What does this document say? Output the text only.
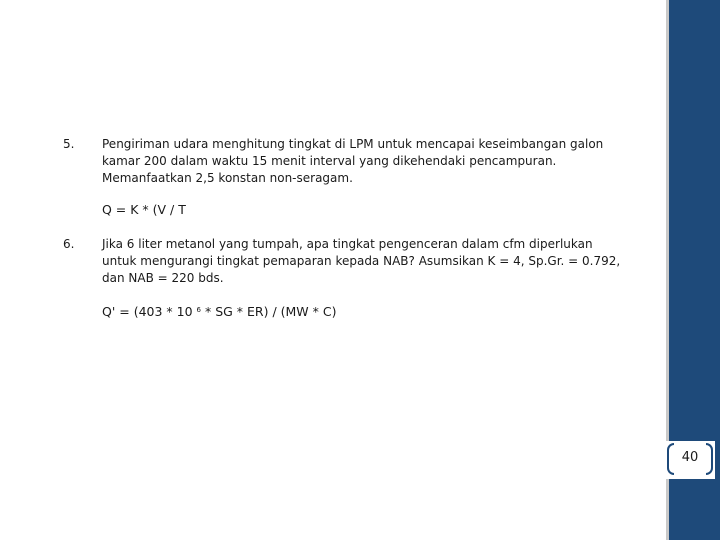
5. Pengiriman udara menghitung tingkat di LPM untuk mencapai keseimbangan galon kamar 200 dalam waktu 15 menit interval yang dikehendaki pencampuran. Memanfaatkan 2,5 konstan non-seragam.
Q = K * (V / T
6. Jika 6 liter metanol yang tumpah, apa tingkat pengenceran dalam cfm diperlukan untuk mengurangi tingkat pemaparan kepada NAB? Asumsikan K = 4, Sp.Gr. = 0.792, dan NAB = 220 bds.
Q' = (403 * 10 $^6$ * SG * ER) / (MW * C)
40
